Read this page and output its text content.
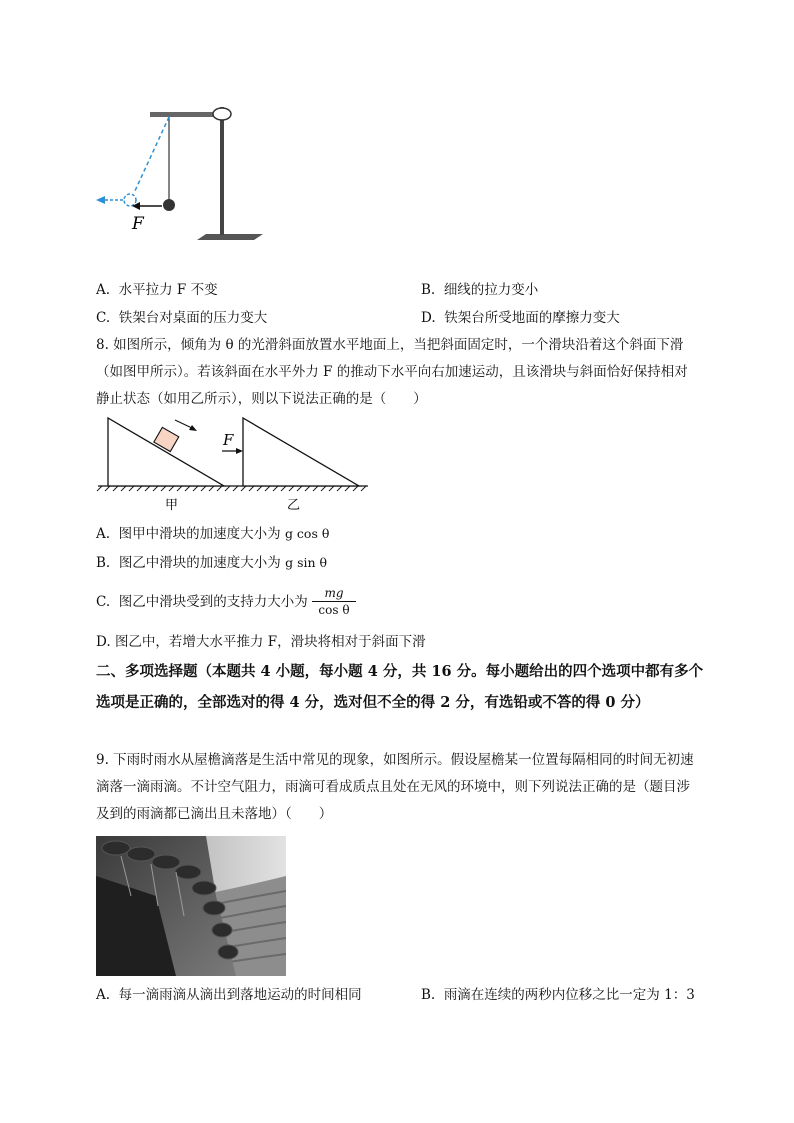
F
A. 水平拉力 F 不变	B. 细线的拉力变小
C. 铁架台对桌面的压力变大	D. 铁架台所受地面的摩擦力变大
8. 如图所示，倾角为 θ 的光滑斜面放置水平地面上，当把斜面固定时，一个滑块沿着这个斜面下滑（如图甲所示）。若该斜面在水平外力 F 的推动下水平向右加速运动，且该滑块与斜面恰好保持相对静止状态（如用乙所示），则以下说法正确的是（　　）
F
甲	乙
A. 图甲中滑块的加速度大小为 g cos θ
B. 图乙中滑块的加速度大小为 g sin θ
C. 图乙中滑块受到的支持力大小为
mg
cos θ
D. 图乙中，若增大水平推力 F，滑块将相对于斜面下滑
二、多项选择题（本题共 4 小题，每小题 4 分，共 16 分。每小题给出的四个选项中都有多个选项是正确的，全部选对的得 4 分，选对但不全的得 2 分，有选铅或不答的得 0 分）
9. 下雨时雨水从屋檐滴落是生活中常见的现象，如图所示。假设屋檐某一位置每隔相同的时间无初速滴落一滴雨滴。不计空气阻力，雨滴可看成质点且处在无风的环境中，则下列说法正确的是（题目涉及到的雨滴都已滴出且未落地）（　　）
A. 每一滴雨滴从滴出到落地运动的时间相同	B. 雨滴在连续的两秒内位移之比一定为 1：3
